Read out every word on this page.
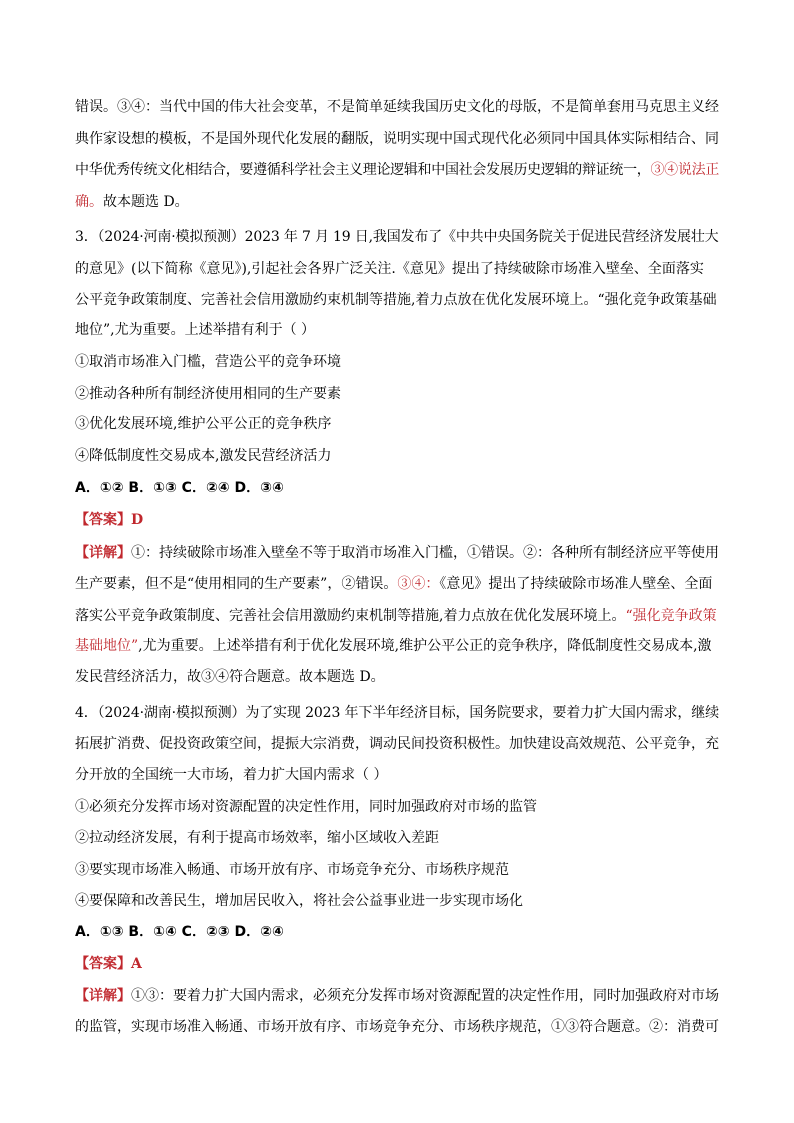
错误。③④：当代中国的伟大社会变革，不是简单延续我国历史文化的母版，不是简单套用马克思主义经
典作家设想的模板，不是国外现代化发展的翻版，说明实现中国式现代化必须同中国具体实际相结合、同
中华优秀传统文化相结合，要遵循科学社会主义理论逻辑和中国社会发展历史逻辑的辩证统一，③④说法正
确。故本题选 D。
3．（2024·河南·模拟预测）2023 年 7 月 19 日,我国发布了《中共中央国务院关于促进民营经济发展壮大
的意见》(以下简称《意见》),引起社会各界广泛关注.《意见》提出了持续破除市场准入壁垒、全面落实
公平竞争政策制度、完善社会信用激励约束机制等措施,着力点放在优化发展环境上。“强化竞争政策基础
地位”,尤为重要。上述举措有利于（ ）
①取消市场准入门槛，营造公平的竞争环境
②推动各种所有制经济使用相同的生产要素
③优化发展环境,维护公平公正的竞争秩序
④降低制度性交易成本,激发民营经济活力
A．①② B．①③ C．②④ D．③④
【答案】D
【详解】①：持续破除市场准入壁垒不等于取消市场准入门槛，①错误。②：各种所有制经济应平等使用
生产要素，但不是“使用相同的生产要素”，②错误。③④：《意见》提出了持续破除市场准人壁垒、全面
落实公平竞争政策制度、完善社会信用激励约束机制等措施,着力点放在优化发展环境上。“强化竞争政策
基础地位”,尤为重要。上述举措有利于优化发展环境,维护公平公正的竞争秩序，降低制度性交易成本,激
发民营经济活力，故③④符合题意。故本题选 D。
4．（2024·湖南·模拟预测）为了实现 2023 年下半年经济目标，国务院要求，要着力扩大国内需求，继续
拓展扩消费、促投资政策空间，提振大宗消费，调动民间投资积极性。加快建设高效规范、公平竞争，充
分开放的全国统一大市场，着力扩大国内需求（ ）
①必须充分发挥市场对资源配置的决定性作用，同时加强政府对市场的监管
②拉动经济发展，有利于提高市场效率，缩小区域收入差距
③要实现市场准入畅通、市场开放有序、市场竞争充分、市场秩序规范
④要保障和改善民生，增加居民收入，将社会公益事业进一步实现市场化
A．①③ B．①④ C．②③ D．②④
【答案】A
【详解】①③：要着力扩大国内需求，必须充分发挥市场对资源配置的决定性作用，同时加强政府对市场
的监管，实现市场准入畅通、市场开放有序、市场竞争充分、市场秩序规范，①③符合题意。②：消费可
